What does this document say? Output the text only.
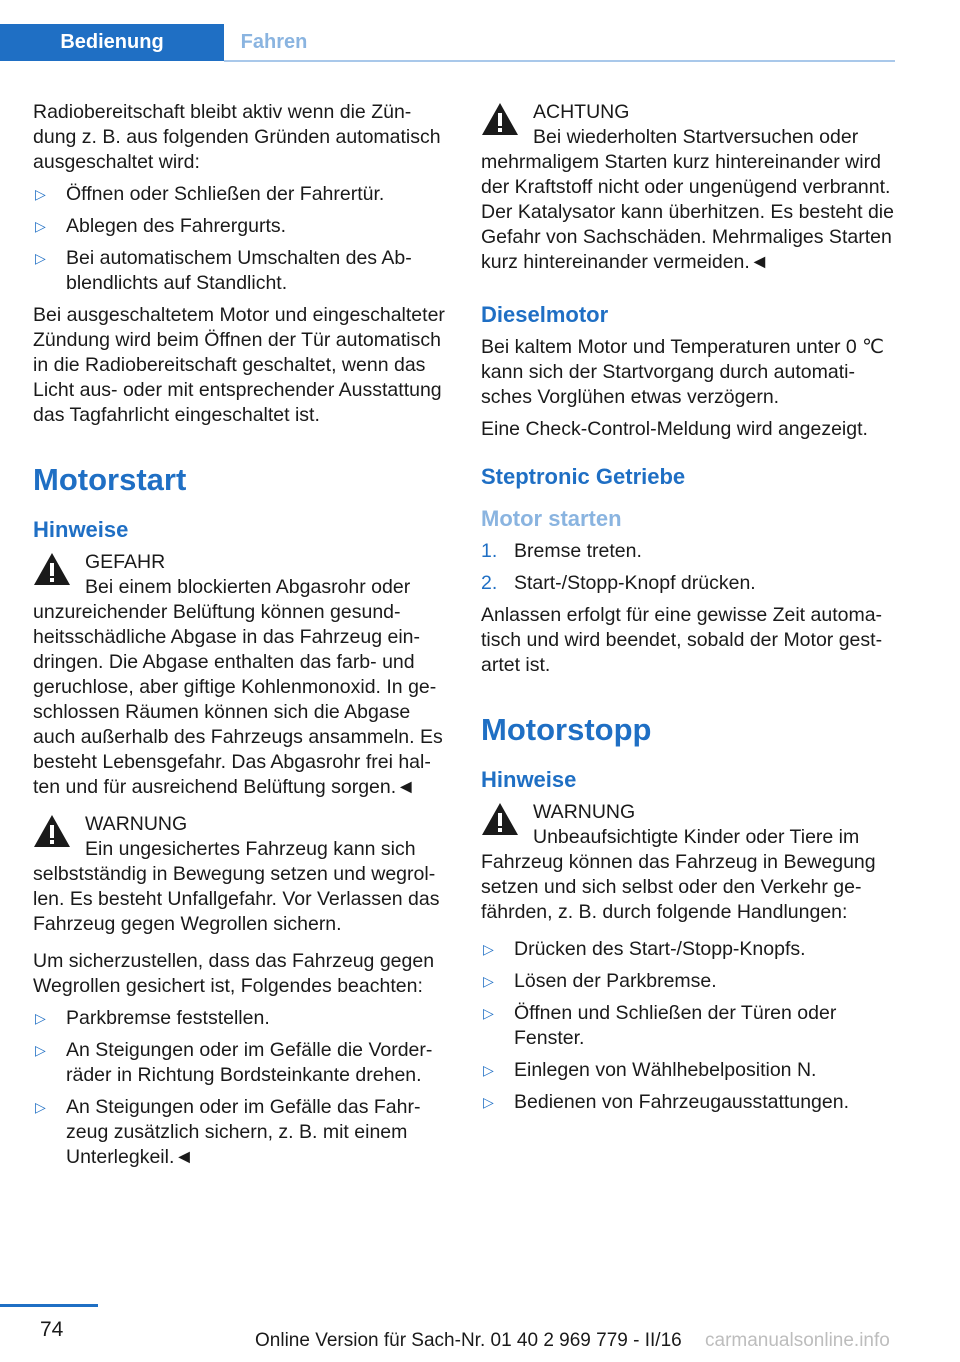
Bedienung	Fahren

Radiobereitschaft bleibt aktiv wenn die Zündung z. B. aus folgenden Gründen automatisch ausgeschaltet wird:

▷ Öffnen oder Schließen der Fahrertür.
▷ Ablegen des Fahrergurts.
▷ Bei automatischem Umschalten des Abblendlichts auf Standlicht.

Bei ausgeschaltetem Motor und eingeschalteter Zündung wird beim Öffnen der Tür automatisch in die Radiobereitschaft geschaltet, wenn das Licht aus- oder mit entsprechender Ausstattung das Tagfahrlicht eingeschaltet ist.

Motorstart
Hinweise
GEFAHR
Bei einem blockierten Abgasrohr oder unzureichender Belüftung können gesundheitsschädliche Abgase in das Fahrzeug eindringen. Die Abgase enthalten das farb- und geruchlose, aber giftige Kohlenmonoxid. In geschlossen Räumen können sich die Abgase auch außerhalb des Fahrzeugs ansammeln. Es besteht Lebensgefahr. Das Abgasrohr frei halten und für ausreichend Belüftung sorgen.◄
WARNUNG
Ein ungesichertes Fahrzeug kann sich selbstständig in Bewegung setzen und wegrollen. Es besteht Unfallgefahr. Vor Verlassen das Fahrzeug gegen Wegrollen sichern.

Um sicherzustellen, dass das Fahrzeug gegen Wegrollen gesichert ist, Folgendes beachten:

▷ Parkbremse feststellen.
▷ An Steigungen oder im Gefälle die Vorderräder in Richtung Bordsteinkante drehen.
▷ An Steigungen oder im Gefälle das Fahrzeug zusätzlich sichern, z. B. mit einem Unterlegkeil.◄
ACHTUNG
Bei wiederholten Startversuchen oder mehrmaligem Starten kurz hintereinander wird der Kraftstoff nicht oder ungenügend verbrannt. Der Katalysator kann überhitzen. Es besteht die Gefahr von Sachschäden. Mehrmaliges Starten kurz hintereinander vermeiden.◄
Dieselmotor

Bei kaltem Motor und Temperaturen unter 0 ℃ kann sich der Startvorgang durch automatisches Vorglühen etwas verzögern.

Eine Check-Control-Meldung wird angezeigt.

Steptronic Getriebe
Motor starten
1. Bremse treten.
2. Start-/Stopp-Knopf drücken.

Anlassen erfolgt für eine gewisse Zeit automatisch und wird beendet, sobald der Motor gestartet ist.

Motorstopp
Hinweise
WARNUNG
Unbeaufsichtigte Kinder oder Tiere im Fahrzeug können das Fahrzeug in Bewegung setzen und sich selbst oder den Verkehr gefährden, z. B. durch folgende Handlungen:
▷ Drücken des Start-/Stopp-Knopfs.
▷ Lösen der Parkbremse.
▷ Öffnen und Schließen der Türen oder Fenster.
▷ Einlegen von Wählhebelposition N.
▷ Bedienen von Fahrzeugausstattungen.
74	Online Version für Sach-Nr. 01 40 2 969 779 - II/16 carmanualsonline.info
